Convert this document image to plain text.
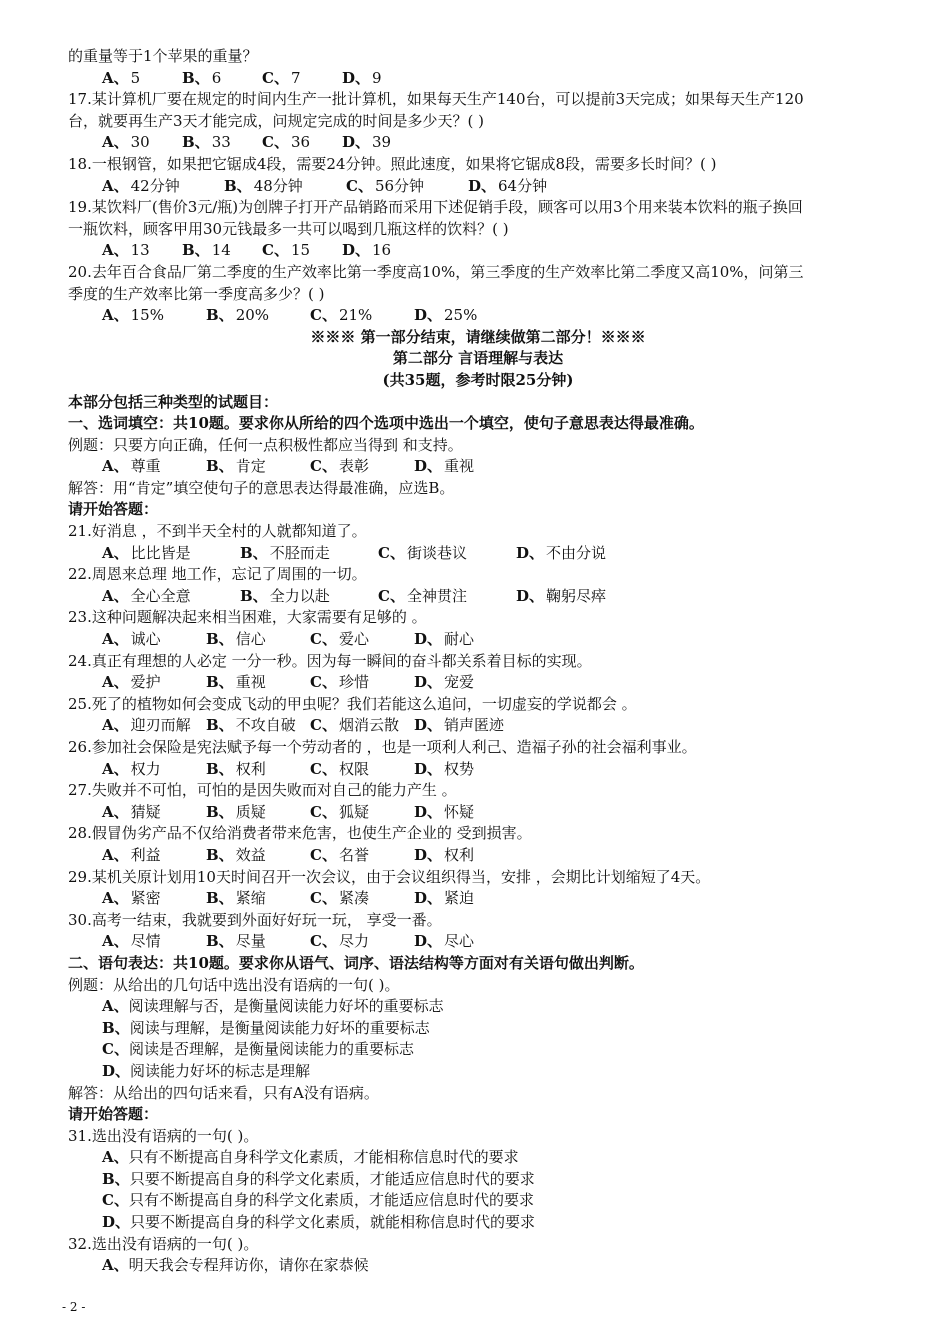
的重量等于1个苹果的重量？
A、 5	B、 6	C、 7	D、 9
17.某计算机厂要在规定的时间内生产一批计算机，如果每天生产140台，可以提前3天完成；如果每天生产120
台，就要再生产3天才能完成，问规定完成的时间是多少天？( )
A、 30	B、 33	C、 36	D、 39
18.一根钢管，如果把它锯成4段，需要24分钟。照此速度，如果将它锯成8段，需要多长时间？( )
A、 42分钟	B、 48分钟	C、 56分钟	D、 64分钟
19.某饮料厂(售价3元/瓶)为创牌子打开产品销路而采用下述促销手段，顾客可以用3个用来装本饮料的瓶子换回
一瓶饮料，顾客甲用30元钱最多一共可以喝到几瓶这样的饮料？( )
A、 13	B、 14	C、 15	D、 16
20.去年百合食品厂第二季度的生产效率比第一季度高10%，第三季度的生产效率比第二季度又高10%，问第三
季度的生产效率比第一季度高多少？( )
A、 15%	B、 20%	C、 21%	D、 25%
※※※ 第一部分结束，请继续做第二部分！※※※
第二部分 言语理解与表达
(共35题，参考时限25分钟)
本部分包括三种类型的试题目：
一、选词填空：共10题。要求你从所给的四个选项中选出一个填空，使句子意思表达得最准确。
例题：只要方向正确，任何一点积极性都应当得到 和支持。
A、 尊重	B、 肯定	C、 表彰	D、 重视
解答：用“肯定”填空使句子的意思表达得最准确，应选B。
请开始答题：
21.好消息 ，不到半天全村的人就都知道了。
A、 比比皆是	B、 不胫而走	C、 街谈巷议	D、 不由分说
22.周恩来总理 地工作，忘记了周围的一切。
A、 全心全意	B、 全力以赴	C、 全神贯注	D、 鞠躬尽瘁
23.这种问题解决起来相当困难，大家需要有足够的 。
A、 诚心	B、 信心	C、 爱心	D、 耐心
24.真正有理想的人必定 一分一秒。因为每一瞬间的奋斗都关系着目标的实现。
A、 爱护	B、 重视	C、 珍惜	D、 宠爱
25.死了的植物如何会变成飞动的甲虫呢？我们若能这么追问，一切虚妄的学说都会 。
A、 迎刃而解	B、 不攻自破 C、 烟消云散	D、 销声匿迹
26.参加社会保险是宪法赋予每一个劳动者的 ，也是一项利人利己、造福子孙的社会福利事业。
A、 权力	B、 权利	C、 权限	D、 权势
27.失败并不可怕，可怕的是因失败而对自己的能力产生 。
A、 猜疑	B、 质疑	C、 狐疑	D、 怀疑
28.假冒伪劣产品不仅给消费者带来危害，也使生产企业的 受到损害。
A、 利益	B、 效益	C、 名誉	D、 权利
29.某机关原计划用10天时间召开一次会议，由于会议组织得当，安排 ，会期比计划缩短了4天。
A、 紧密	B、 紧缩	C、 紧凑	D、 紧迫
30.高考一结束，我就要到外面好好玩一玩， 享受一番。
A、 尽情	B、 尽量	C、 尽力	D、 尽心
二、语句表达：共10题。要求你从语气、词序、语法结构等方面对有关语句做出判断。
例题：从给出的几句话中选出没有语病的一句( )。
A、阅读理解与否，是衡量阅读能力好坏的重要标志
B、阅读与理解，是衡量阅读能力好坏的重要标志
C、阅读是否理解，是衡量阅读能力的重要标志
D、阅读能力好坏的标志是理解
解答：从给出的四句话来看，只有A没有语病。
请开始答题：
31.选出没有语病的一句( )。
A、只有不断提高自身科学文化素质，才能相称信息时代的要求
B、只要不断提高自身的科学文化素质，才能适应信息时代的要求
C、只有不断提高自身的科学文化素质，才能适应信息时代的要求
D、只要不断提高自身的科学文化素质，就能相称信息时代的要求
32.选出没有语病的一句( )。
A、明天我会专程拜访你，请你在家恭候
- 2 -
